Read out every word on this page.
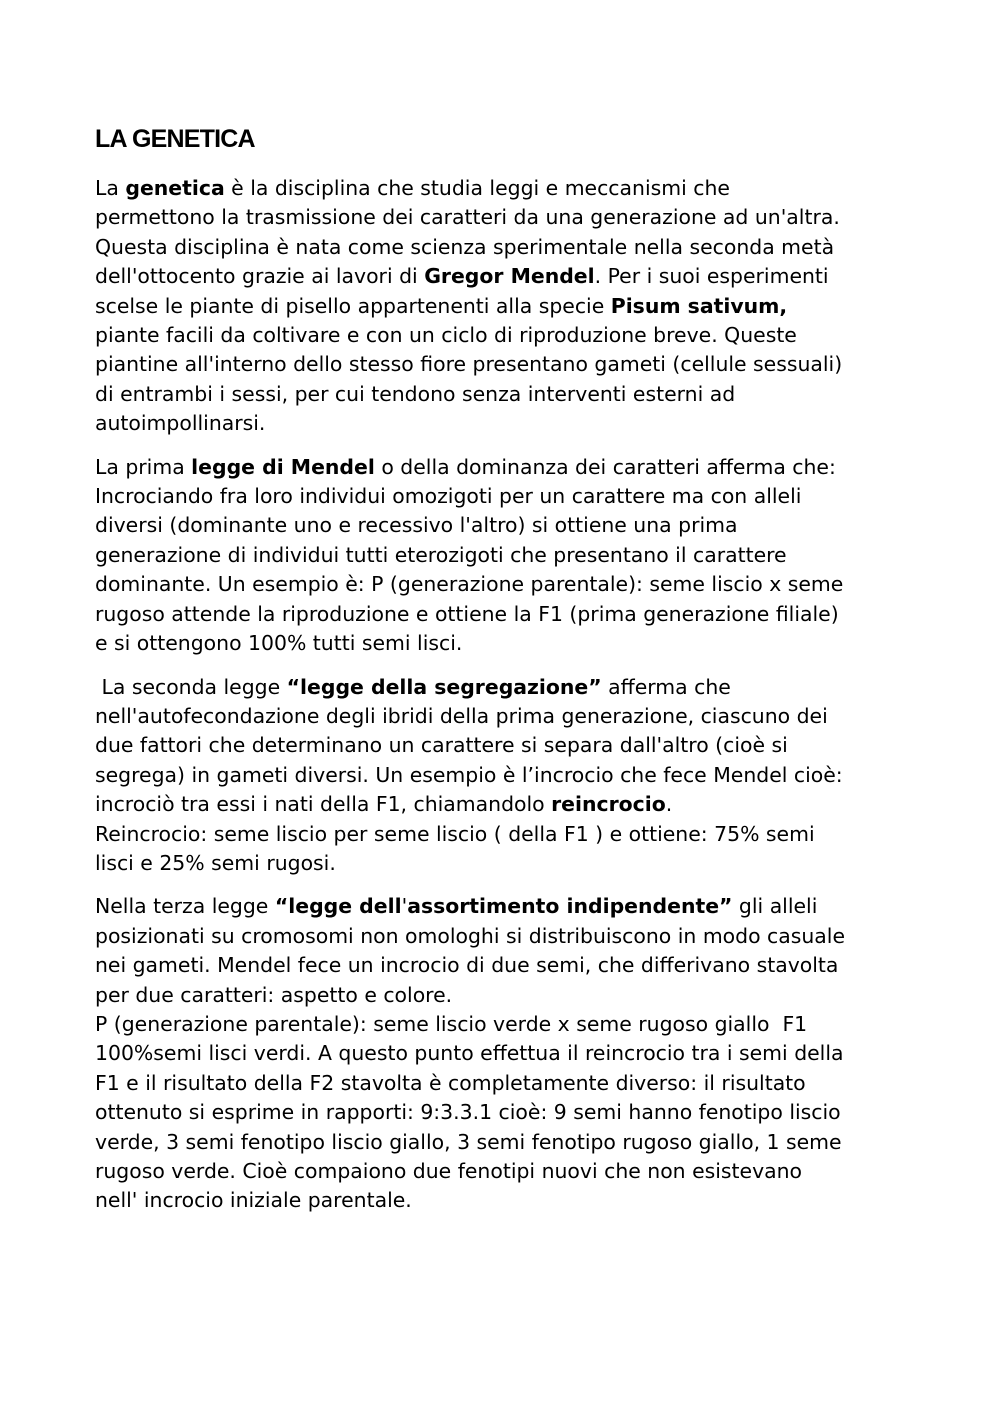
LA GENETICA

La genetica è la disciplina che studia leggi e meccanismi che
permettono la trasmissione dei caratteri da una generazione ad un'altra.
Questa disciplina è nata come scienza sperimentale nella seconda metà
dell'ottocento grazie ai lavori di Gregor Mendel. Per i suoi esperimenti
scelse le piante di pisello appartenenti alla specie Pisum sativum,
piante facili da coltivare e con un ciclo di riproduzione breve. Queste
piantine all'interno dello stesso fiore presentano gameti (cellule sessuali)
di entrambi i sessi, per cui tendono senza interventi esterni ad
autoimpollinarsi.

La prima legge di Mendel o della dominanza dei caratteri afferma che:
Incrociando fra loro individui omozigoti per un carattere ma con alleli
diversi (dominante uno e recessivo l'altro) si ottiene una prima
generazione di individui tutti eterozigoti che presentano il carattere
dominante. Un esempio è: P (generazione parentale): seme liscio x seme
rugoso attende la riproduzione e ottiene la F1 (prima generazione filiale)
e si ottengono 100% tutti semi lisci.

La seconda legge “legge della segregazione” afferma che
nell'autofecondazione degli ibridi della prima generazione, ciascuno dei
due fattori che determinano un carattere si separa dall'altro (cioè si
segrega) in gameti diversi. Un esempio è l’incrocio che fece Mendel cioè:
incrociò tra essi i nati della F1, chiamandolo reincrocio.
Reincrocio: seme liscio per seme liscio ( della F1 ) e ottiene: 75% semi
lisci e 25% semi rugosi.

Nella terza legge “legge dell'assortimento indipendente” gli alleli
posizionati su cromosomi non omologhi si distribuiscono in modo casuale
nei gameti. Mendel fece un incrocio di due semi, che differivano stavolta
per due caratteri: aspetto e colore.
P (generazione parentale): seme liscio verde x seme rugoso giallo  F1
100%semi lisci verdi. A questo punto effettua il reincrocio tra i semi della
F1 e il risultato della F2 stavolta è completamente diverso: il risultato
ottenuto si esprime in rapporti: 9:3.3.1 cioè: 9 semi hanno fenotipo liscio
verde, 3 semi fenotipo liscio giallo, 3 semi fenotipo rugoso giallo, 1 seme
rugoso verde. Cioè compaiono due fenotipi nuovi che non esistevano
nell' incrocio iniziale parentale.
